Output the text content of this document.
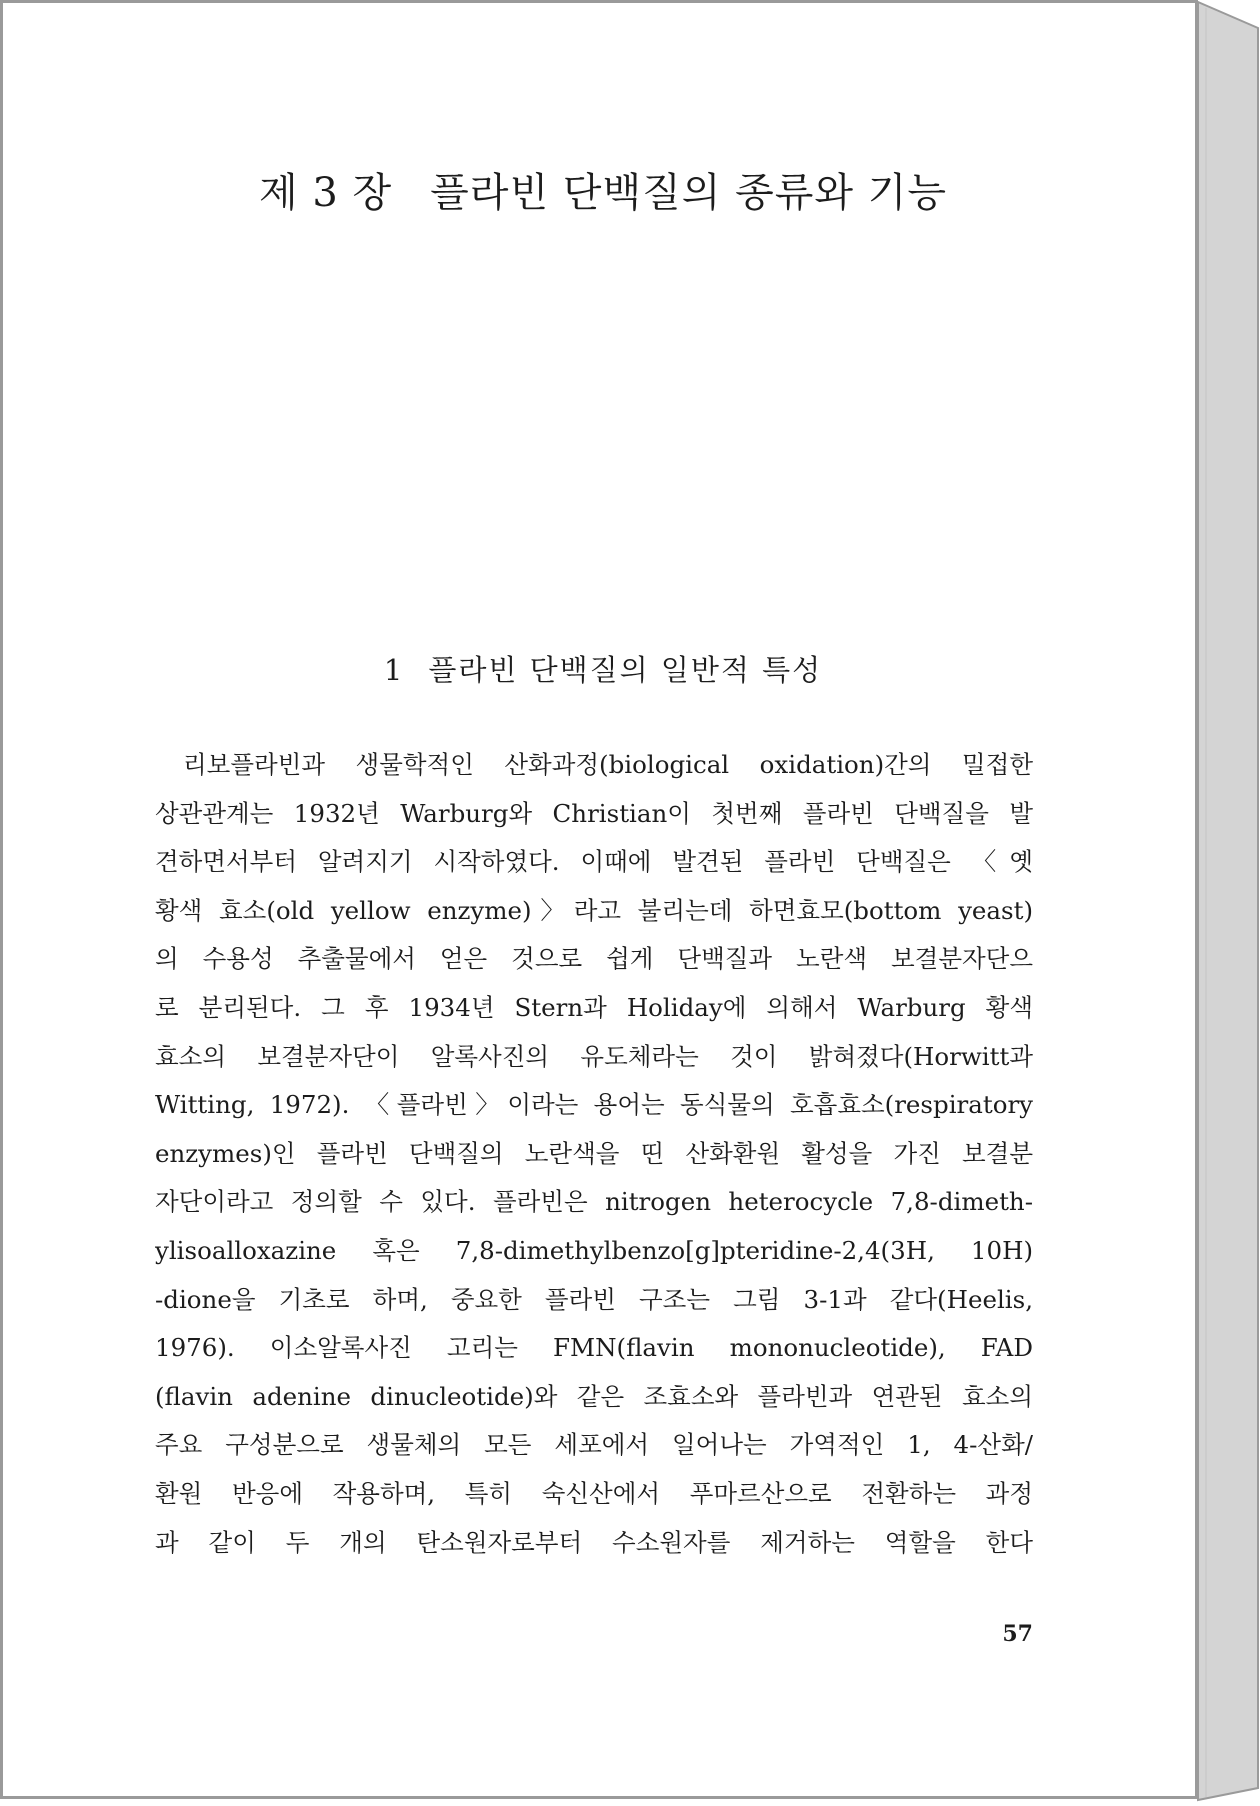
제 3 장 플라빈 단백질의 종류와 기능
1 플라빈 단백질의 일반적 특성
리보플라빈과 생물학적인 산화과정(biological oxidation)간의 밀접한
상관관계는 1932년 Warburg와 Christian이 첫번째 플라빈 단백질을 발
견하면서부터 알려지기 시작하였다. 이때에 발견된 플라빈 단백질은 〈옛
황색 효소(old yellow enzyme)〉라고 불리는데 하면효모(bottom yeast)
의 수용성 추출물에서 얻은 것으로 쉽게 단백질과 노란색 보결분자단으
로 분리된다. 그 후 1934년 Stern과 Holiday에 의해서 Warburg 황색
효소의 보결분자단이 알록사진의 유도체라는 것이 밝혀졌다(Horwitt과
Witting, 1972). 〈플라빈〉이라는 용어는 동식물의 호흡효소(respiratory
enzymes)인 플라빈 단백질의 노란색을 띤 산화환원 활성을 가진 보결분
자단이라고 정의할 수 있다. 플라빈은 nitrogen heterocycle 7,8-dimeth-
ylisoalloxazine 혹은 7,8-dimethylbenzo[g]pteridine-2,4(3H, 10H)
-dione을 기초로 하며, 중요한 플라빈 구조는 그림 3-1과 같다(Heelis,
1976). 이소알록사진 고리는 FMN(flavin mononucleotide), FAD
(flavin adenine dinucleotide)와 같은 조효소와 플라빈과 연관된 효소의
주요 구성분으로 생물체의 모든 세포에서 일어나는 가역적인 1, 4-산화/
환원 반응에 작용하며, 특히 숙신산에서 푸마르산으로 전환하는 과정
과 같이 두 개의 탄소원자로부터 수소원자를 제거하는 역할을 한다
57
